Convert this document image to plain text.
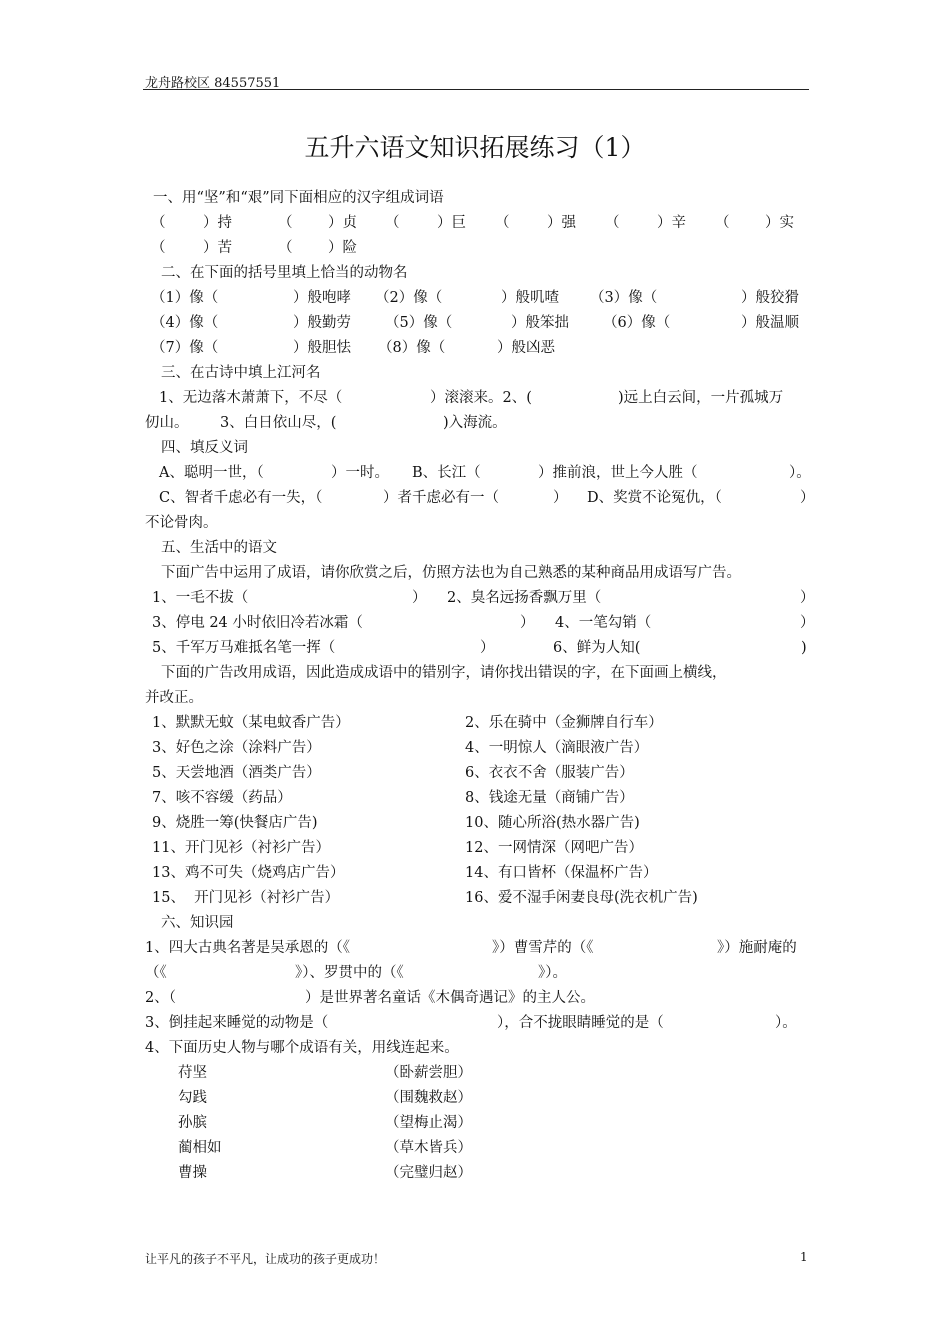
龙舟路校区 84557551
五升六语文知识拓展练习（1）
一、用“坚”和“艰”同下面相应的汉字组成词语
（	）持	（ ）贞 （	）巨 （	）强 （	）辛 （ ）实
（	）苦	（ ）险
二、在下面的括号里填上恰当的动物名
（1）像（	）般咆哮 （2）像（	）般叽喳 （3）像（	）般狡猾
（4）像（	）般勤劳 （5）像（	）般笨拙 （6）像（	）般温顺
（7）像（	）般胆怯 （8）像（	）般凶恶
三、在古诗中填上江河名
1、无边落木萧萧下，不尽（	）滚滚来。2、(	)远上白云间，一片孤城万
仞山。 3、白日依山尽，(	)入海流。
四、填反义词
A、聪明一世，（	）一时。 B、长江（	）推前浪，世上今人胜（	）。
C、智者千虑必有一失，（	）者千虑必有一（	） D、奖赏不论冤仇，（	）
不论骨肉。
五、生活中的语文
下面广告中运用了成语，请你欣赏之后，仿照方法也为自己熟悉的某种商品用成语写广告。
1、一毛不拔（	） 2、臭名远扬香飘万里（	）
3、停电 24 小时依旧冷若冰霜（	） 4、一笔勾销（	）
5、千军万马难抵名笔一挥（	）	6、鲜为人知(	)
下面的广告改用成语，因此造成成语中的错别字，请你找出错误的字，在下面画上横线，
并改正。
1、默默无蚊（某电蚊香广告）	2、乐在骑中（金狮牌自行车）
3、好色之涂（涂料广告）	4、一明惊人（滴眼液广告）
5、天尝地酒（酒类广告）	6、衣衣不舍（服装广告）
7、咳不容缓（药品）	8、钱途无量（商铺广告）
9、烧胜一筹(快餐店广告)	10、随心所浴(热水器广告)
11、开门见衫（衬衫广告）	12、一网情深（网吧广告）
13、鸡不可失（烧鸡店广告）	14、有口皆杯（保温杯广告）
15、  开门见衫（衬衫广告）	16、爱不湿手闲妻良母(洗衣机广告)
六、知识园
1、四大古典名著是吴承恩的（《	》）曹雪芹的（《	》）施耐庵的
（《	》）、罗贯中的（《	》）。
2、（	）是世界著名童话《木偶奇遇记》的主人公。
3、倒挂起来睡觉的动物是（	），合不拢眼睛睡觉的是（	）。
4、下面历史人物与哪个成语有关，用线连起来。
苻坚	（卧薪尝胆）
勾践	（围魏救赵）
孙膑	（望梅止渴）
蔺相如	（草木皆兵）
曹操	（完璧归赵）
让平凡的孩子不平凡，让成功的孩子更成功！	1
